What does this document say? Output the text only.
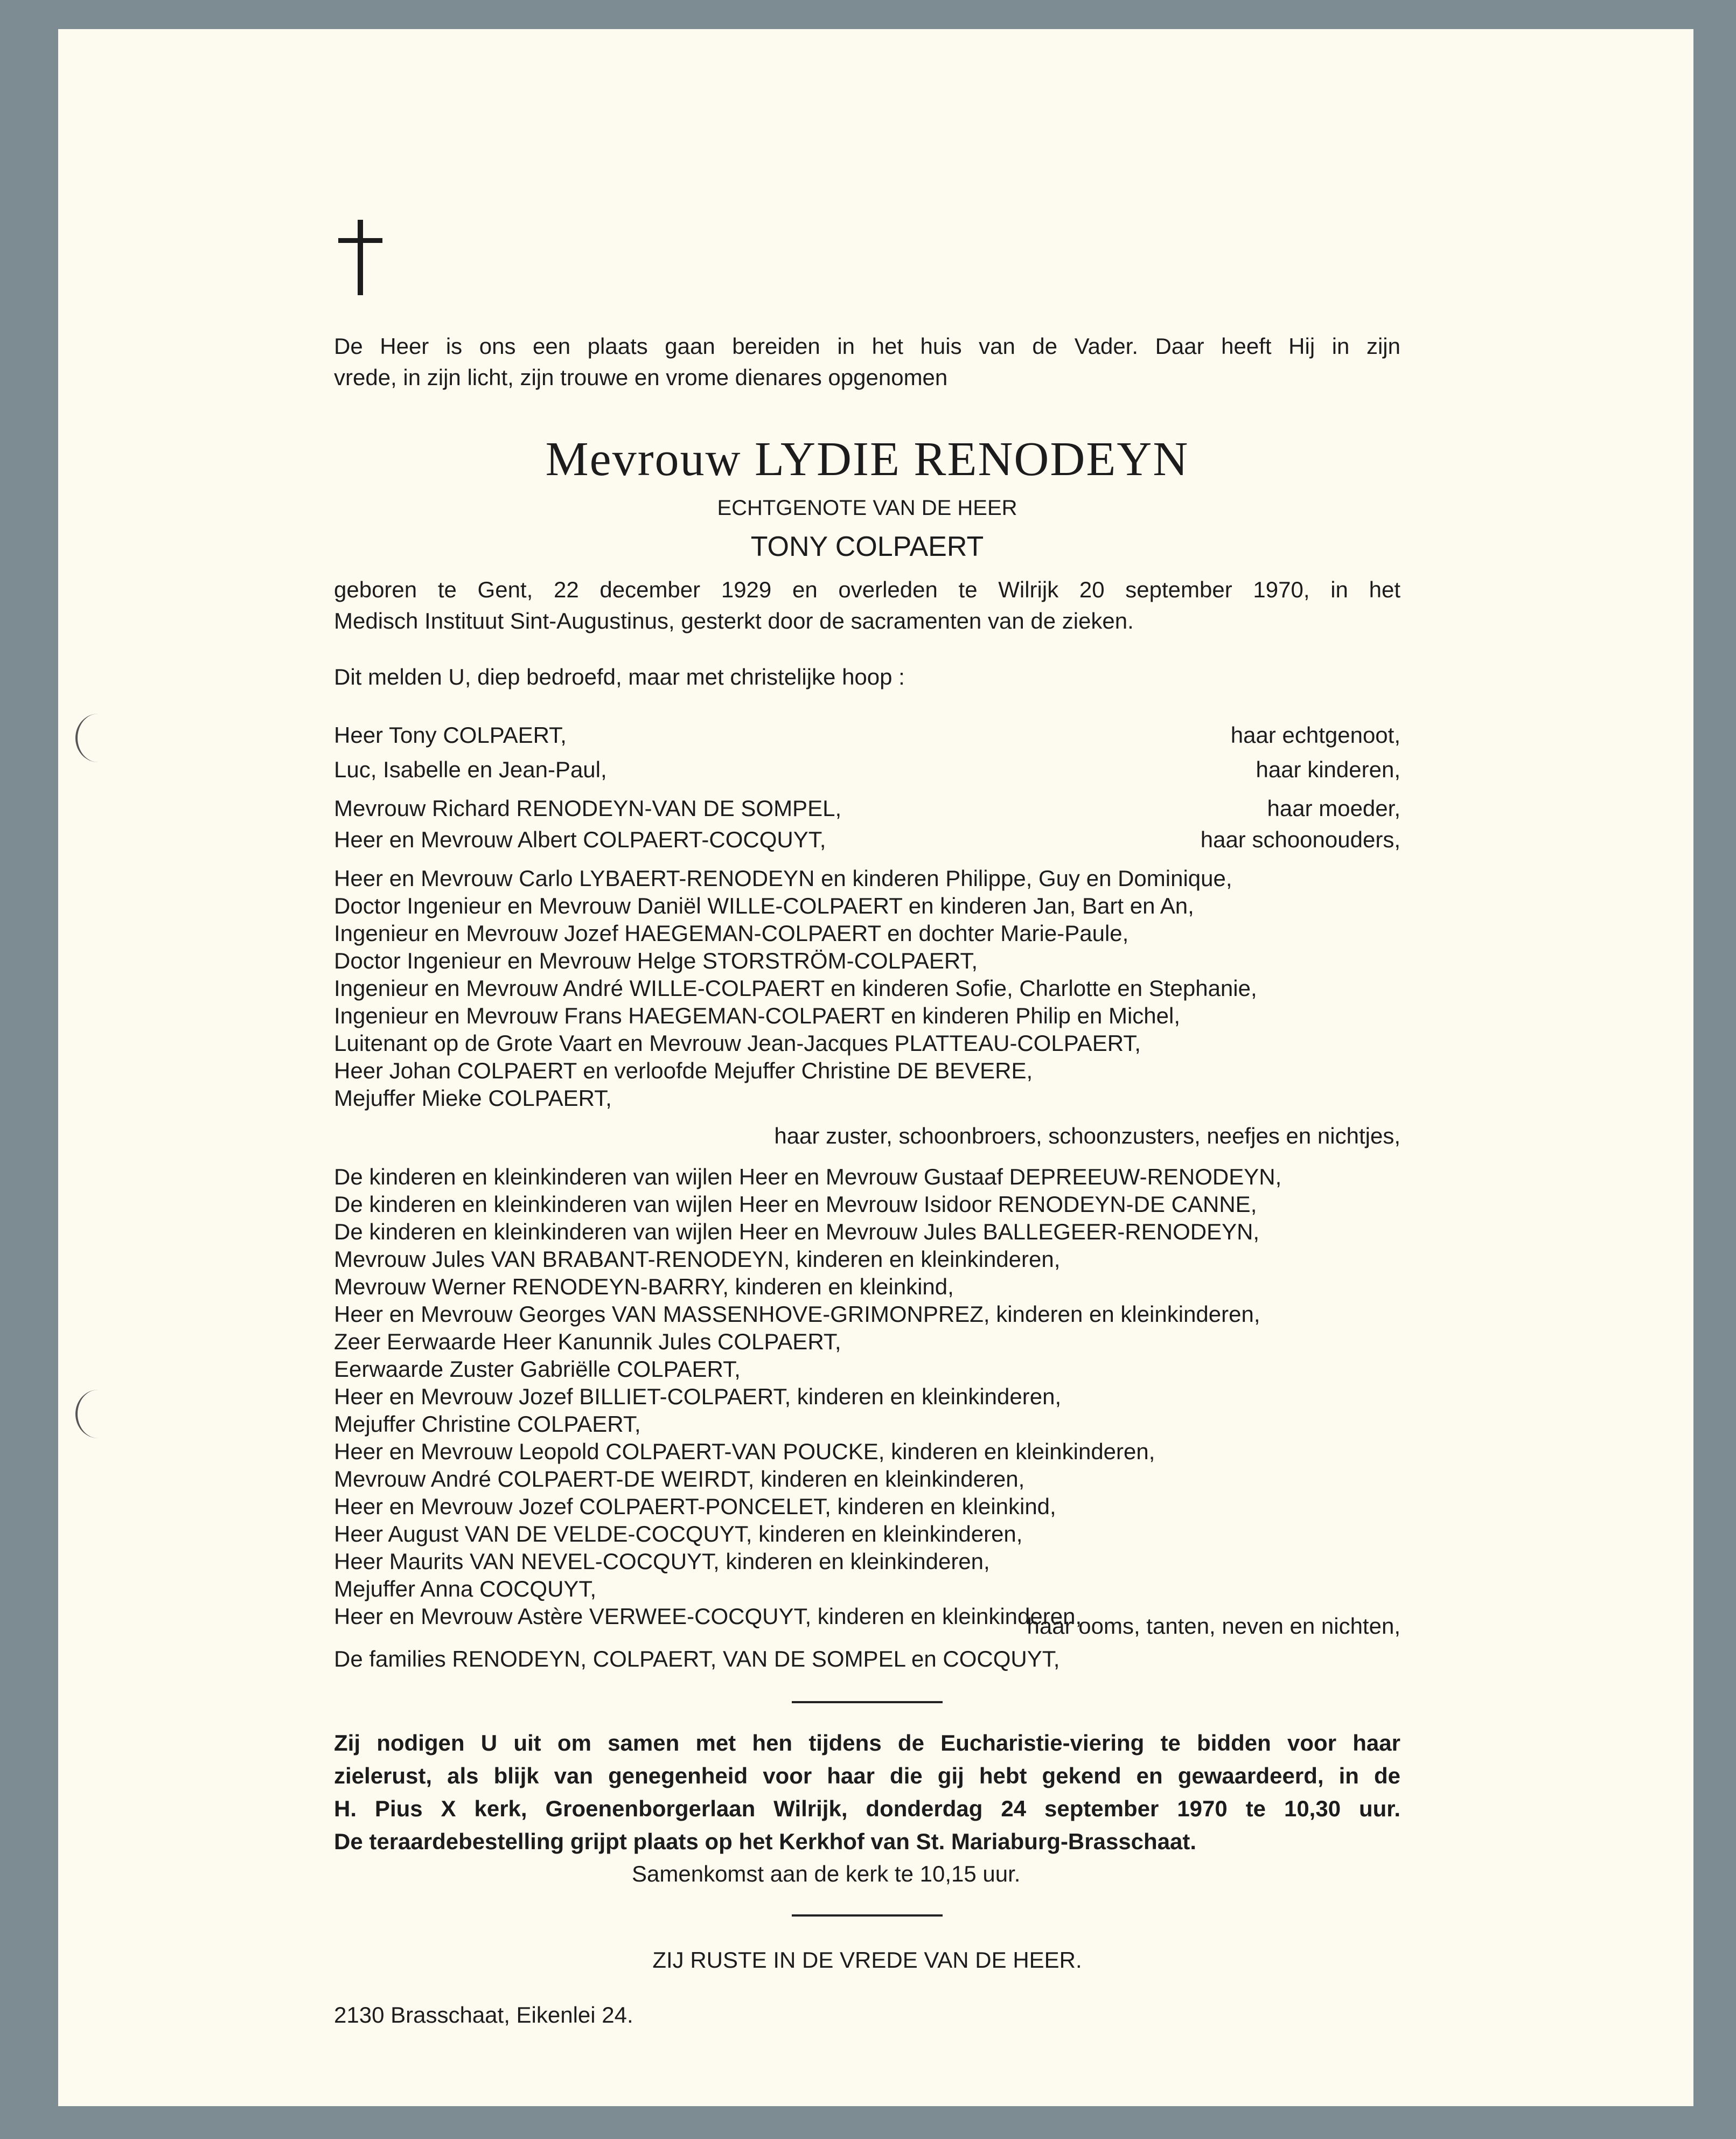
De Heer is ons een plaats gaan bereiden in het huis van de Vader. Daar heeft Hij in zijn
vrede, in zijn licht, zijn trouwe en vrome dienares opgenomen
Mevrouw LYDIE RENODEYN
ECHTGENOTE VAN DE HEER
TONY COLPAERT
geboren te Gent, 22 december 1929 en overleden te Wilrijk 20 september 1970, in het
Medisch Instituut Sint-Augustinus, gesterkt door de sacramenten van de zieken.
Dit melden U, diep bedroefd, maar met christelijke hoop :
Heer Tony COLPAERT,	haar echtgenoot,
Luc, Isabelle en Jean-Paul,	haar kinderen,
Mevrouw Richard RENODEYN-VAN DE SOMPEL,	haar moeder,
Heer en Mevrouw Albert COLPAERT-COCQUYT,	haar schoonouders,
Heer en Mevrouw Carlo LYBAERT-RENODEYN en kinderen Philippe, Guy en Dominique,
Doctor Ingenieur en Mevrouw Daniël WILLE-COLPAERT en kinderen Jan, Bart en An,
Ingenieur en Mevrouw Jozef HAEGEMAN-COLPAERT en dochter Marie-Paule,
Doctor Ingenieur en Mevrouw Helge STORSTRÖM-COLPAERT,
Ingenieur en Mevrouw André WILLE-COLPAERT en kinderen Sofie, Charlotte en Stephanie,
Ingenieur en Mevrouw Frans HAEGEMAN-COLPAERT en kinderen Philip en Michel,
Luitenant op de Grote Vaart en Mevrouw Jean-Jacques PLATTEAU-COLPAERT,
Heer Johan COLPAERT en verloofde Mejuffer Christine DE BEVERE,
Mejuffer Mieke COLPAERT,
haar zuster, schoonbroers, schoonzusters, neefjes en nichtjes,
De kinderen en kleinkinderen van wijlen Heer en Mevrouw Gustaaf DEPREEUW-RENODEYN,
De kinderen en kleinkinderen van wijlen Heer en Mevrouw Isidoor RENODEYN-DE CANNE,
De kinderen en kleinkinderen van wijlen Heer en Mevrouw Jules BALLEGEER-RENODEYN,
Mevrouw Jules VAN BRABANT-RENODEYN, kinderen en kleinkinderen,
Mevrouw Werner RENODEYN-BARRY, kinderen en kleinkind,
Heer en Mevrouw Georges VAN MASSENHOVE-GRIMONPREZ, kinderen en kleinkinderen,
Zeer Eerwaarde Heer Kanunnik Jules COLPAERT,
Eerwaarde Zuster Gabriëlle COLPAERT,
Heer en Mevrouw Jozef BILLIET-COLPAERT, kinderen en kleinkinderen,
Mejuffer Christine COLPAERT,
Heer en Mevrouw Leopold COLPAERT-VAN POUCKE, kinderen en kleinkinderen,
Mevrouw André COLPAERT-DE WEIRDT, kinderen en kleinkinderen,
Heer en Mevrouw Jozef COLPAERT-PONCELET, kinderen en kleinkind,
Heer August VAN DE VELDE-COCQUYT, kinderen en kleinkinderen,
Heer Maurits VAN NEVEL-COCQUYT, kinderen en kleinkinderen,
Mejuffer Anna COCQUYT,
Heer en Mevrouw Astère VERWEE-COCQUYT, kinderen en kleinkinderen,
haar ooms, tanten, neven en nichten,
De families RENODEYN, COLPAERT, VAN DE SOMPEL en COCQUYT,
Zij nodigen U uit om samen met hen tijdens de Eucharistie-viering te bidden voor haar
zielerust, als blijk van genegenheid voor haar die gij hebt gekend en gewaardeerd, in de
H. Pius X kerk, Groenenborgerlaan Wilrijk, donderdag 24 september 1970 te 10,30 uur.
De teraardebestelling grijpt plaats op het Kerkhof van St. Mariaburg-Brasschaat.
Samenkomst aan de kerk te 10,15 uur.
ZIJ RUSTE IN DE VREDE VAN DE HEER.
2130 Brasschaat, Eikenlei 24.
